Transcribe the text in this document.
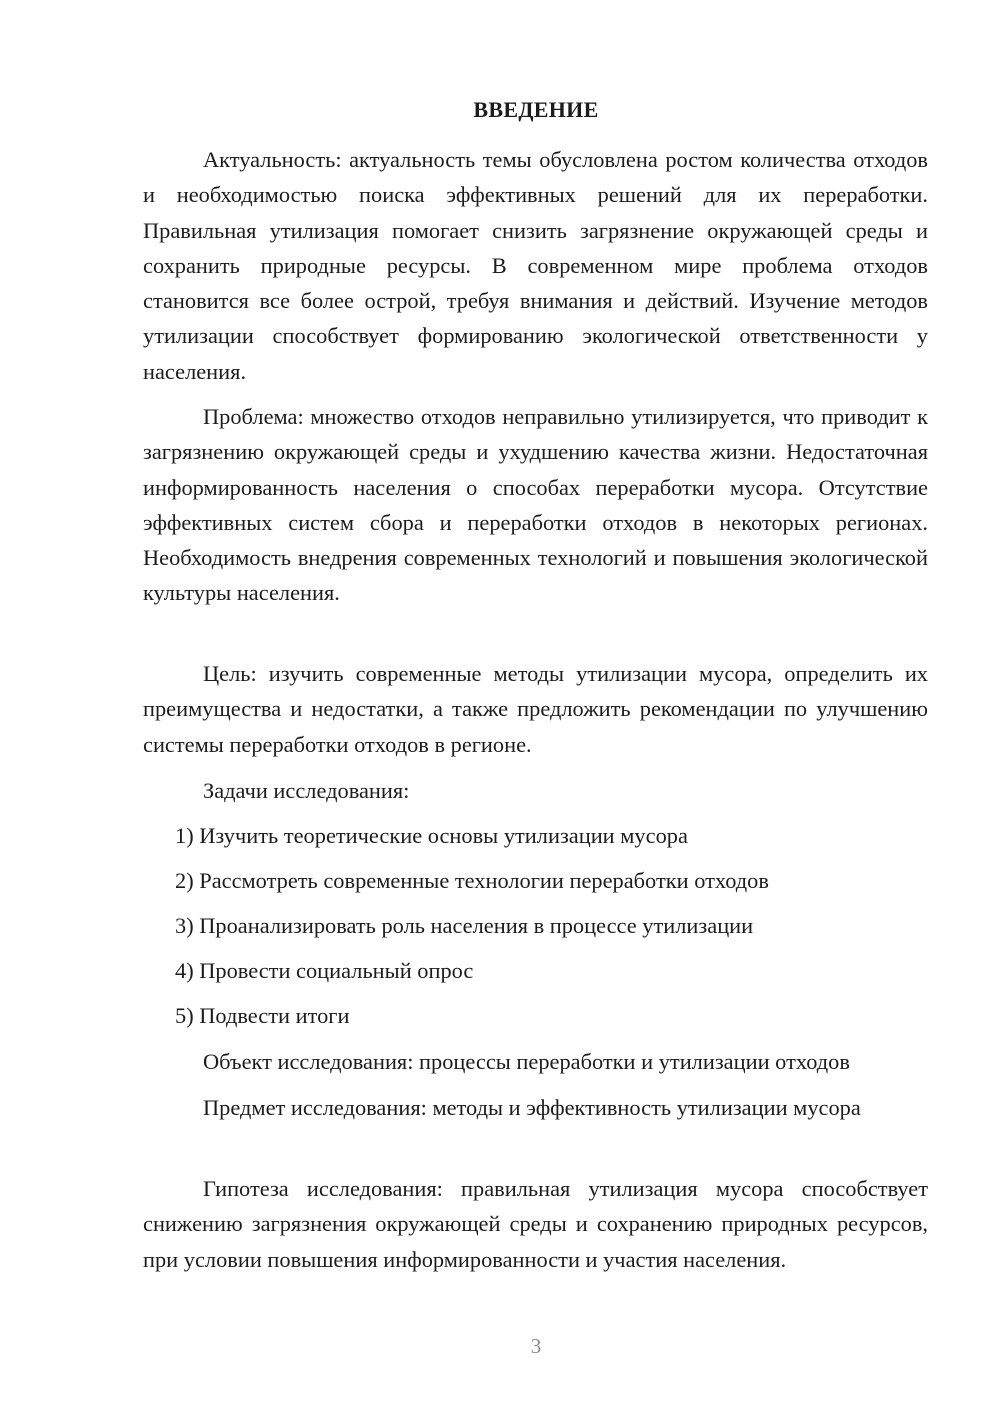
ВВЕДЕНИЕ

Актуальность: актуальность темы обусловлена ростом количества отходов и необходимостью поиска эффективных решений для их переработки. Правильная утилизация помогает снизить загрязнение окружающей среды и сохранить природные ресурсы. В современном мире проблема отходов становится все более острой, требуя внимания и действий. Изучение методов утилизации способствует формированию экологической ответственности у населения.

Проблема: множество отходов неправильно утилизируется, что приводит к загрязнению окружающей среды и ухудшению качества жизни. Недостаточная информированность населения о способах переработки мусора. Отсутствие эффективных систем сбора и переработки отходов в некоторых регионах. Необходимость внедрения современных технологий и повышения экологической культуры населения.

Цель: изучить современные методы утилизации мусора, определить их преимущества и недостатки, а также предложить рекомендации по улучшению системы переработки отходов в регионе.

Задачи исследования:

1) Изучить теоретические основы утилизации мусора
2) Рассмотреть современные технологии переработки отходов
3) Проанализировать роль населения в процессе утилизации
4) Провести социальный опрос
5) Подвести итоги

Объект исследования: процессы переработки и утилизации отходов

Предмет исследования: методы и эффективность утилизации мусора

Гипотеза исследования: правильная утилизация мусора способствует снижению загрязнения окружающей среды и сохранению природных ресурсов, при условии повышения информированности и участия населения.

3
